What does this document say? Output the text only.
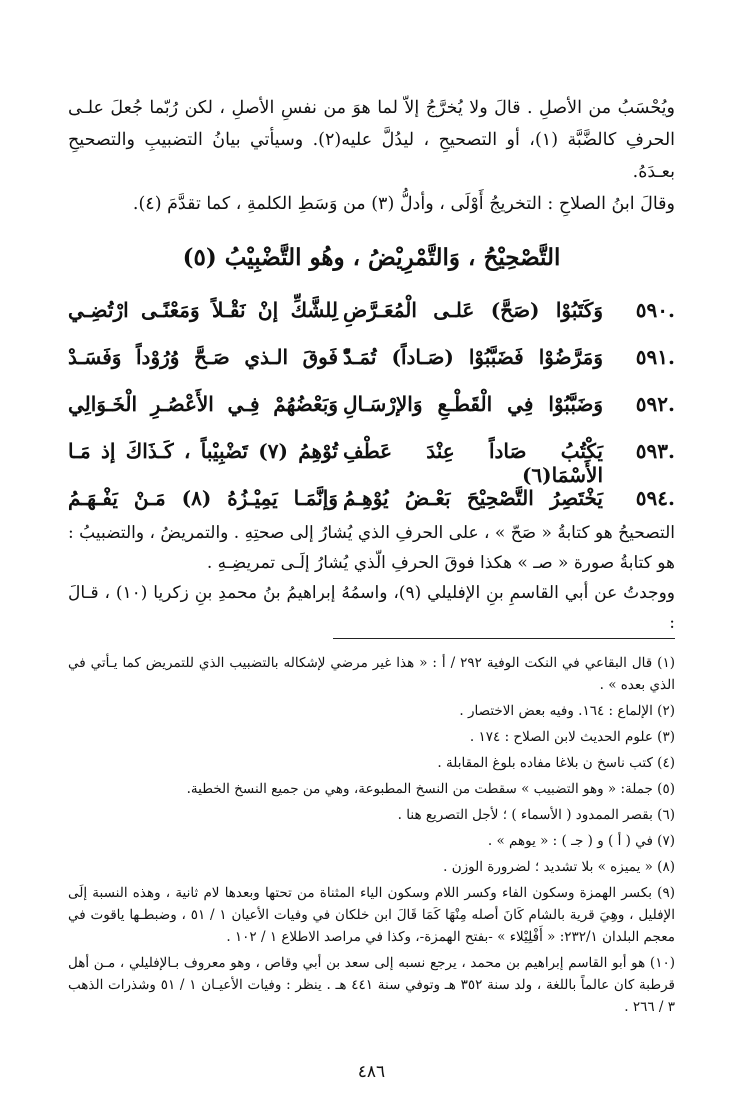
ويُحْسَبُ من الأصلِ . قالَ ولا يُخرَّجُ إلاّ لما هوَ من نفسِ الأصلِ ، لكن رُبّما جُعلَ علـى الحرفِ كالضَّبَّة (١)، أو التصحيحِ ، ليدُلَّ عليه(٢). وسيأتي بيانُ التضبيبِ والتصحيحِ بعـدَهُ.

وقالَ ابنُ الصلاحِ : التخريجُ أَوْلَى ، وأدلُّ (٣) من وَسَطِ الكلمةِ ، كما تقدَّمَ (٤).

التَّصْحِيْحُ ، وَالتَّمْرِيْضُ ، وهُو التَّضْبِيْبُ (٥)
٥٩٠.
وَكَتَبُوْا (صَحَّ) عَلـى الْمُعَـرَّضِ
لِلشَّكِّ إنْ نَقْـلاً وَمَعْنًـى ارْتُضِـي
٥٩١.
وَمَرَّضُوْا فَضَبَّبُوْا (صَـاداً) تُمَـدّْ
فَوقَ الـذي صَـحَّ وُرُوْداً وَفَسَـدْ
٥٩٢.
وَضَبَّبُوْا فِي الْقَطْـعِ وَالإرْسَـالِ
وَبَعْضُهُمْ فِـي الأَعْصُـرِ الْخَـوَالِي
٥٩٣.
يَكْتُبُ صَاداً عِنْدَ عَطْفِ الأَسْمَا(٦)
تُوْهِمُ (٧) تَضْبِيْباً ، كَـذَاكَ إذ مَـا
٥٩٤.
يَخْتَصِرُ التَّصْحِيْحَ بَعْـضُ يُوْهِـمُ
وَإنَّمَـا يَمِيْـزُهُ (٨) مَـنْ يَفْـهَـمُ

التصحيحُ هو كتابةُ « صَحّ » ، على الحرفِ الذي يُشارُ إلى صحتِهِ . والتمريضُ ، والتضبيبُ : هو كتابةُ صورة « صـ » هكذا فوقَ الحرفِ الّذي يُشارُ إلَـى تمريضِـهِ .

ووجدتُ عن أبي القاسمِ بنِ الإفليلي (٩)، واسمُهُ إبراهيمُ بنُ محمدِ بنِ زكريا (١٠) ، قـالَ :

(١) قال البقاعي في النكت الوفية ٢٩٢ / أ : « هذا غير مرضي لإشكاله بالتضبيب الذي للتمريض كما يـأتي في الذي بعده » .

(٢) الإلماع : ١٦٤. وفيه بعض الاختصار .

(٣) علوم الحديث لابن الصلاح : ١٧٤ .

(٤) كتب ناسخ ن بلاغا مفاده بلوغ المقابلة .

(٥) جملة: « وهو التضبيب » سقطت من النسخ المطبوعة، وهي من جميع النسخ الخطية.

(٦) بقصر الممدود ( الأسماء ) ؛ لأجل التصريع هنا .

(٧) في ( أ ) و ( جـ ) : « يوهم » .

(٨) « يميزه » بلا تشديد ؛ لضرورة الوزن .

(٩) بكسر الهمزة وسكون الفاء وكسر اللام وسكون الياء المثناة من تحتها وبعدها لام ثانية ، وهذه النسبة إلَى الإفليل ، وهِيَ قرية بالشام كَانَ أصله مِنْهَا كَمَا قَالَ ابن خلكان في وفيات الأعيان ١ / ٥١ ، وضبطـها ياقوت في معجم البلدان ٢٣٢/١: « أَفْلِيْلاء » -بفتح الهمزة-، وكذا في مراصد الاطلاع ١ / ١٠٢ .

(١٠) هو أبو القاسم إبراهيم بن محمد ، يرجع نسبه إلى سعد بن أبي وقاص ، وهو معروف بـالإفليلي ، مـن أهل قرطبة كان عالماً باللغة ، ولد سنة ٣٥٢ هـ وتوفي سنة ٤٤١ هـ . ينظر : وفيات الأعيـان ١ / ٥١ وشذرات الذهب ٣ / ٢٦٦ .

٤٨٦
